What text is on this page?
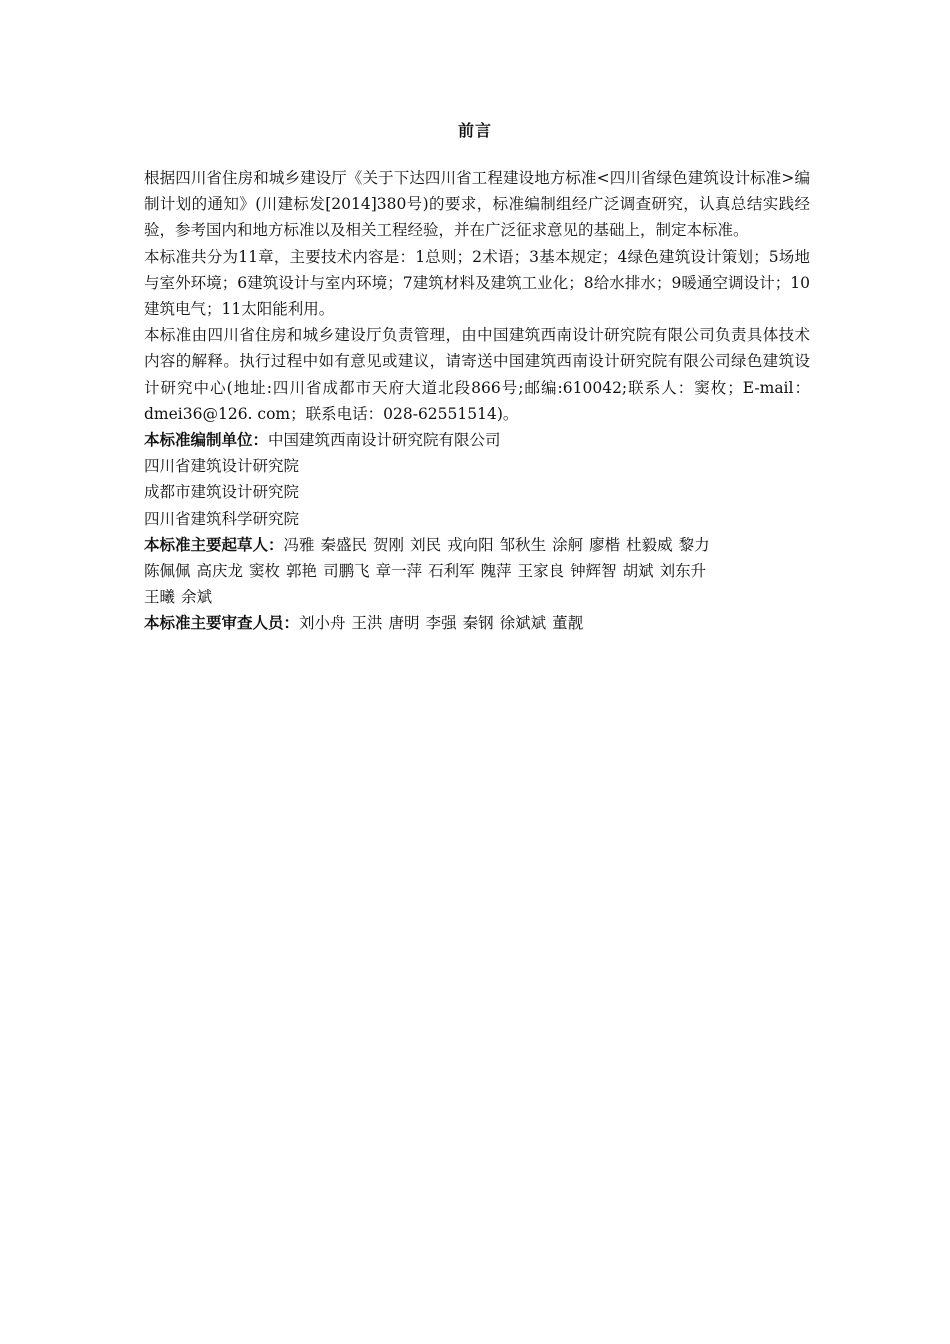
前言

根据四川省住房和城乡建设厅《关于下达四川省工程建设地方标准<四川省绿色建筑设计标准>编制计划的通知》(川建标发[2014]380号)的要求，标准编制组经广泛调查研究，认真总结实践经验，参考国内和地方标准以及相关工程经验，并在广泛征求意见的基础上，制定本标准。

本标准共分为11章，主要技术内容是：1总则；2术语；3基本规定；4绿色建筑设计策划；5场地与室外环境；6建筑设计与室内环境；7建筑材料及建筑工业化；8给水排水；9暖通空调设计；10建筑电气；11太阳能利用。

本标准由四川省住房和城乡建设厅负责管理，由中国建筑西南设计研究院有限公司负责具体技术内容的解释。执行过程中如有意见或建议，请寄送中国建筑西南设计研究院有限公司绿色建筑设计研究中心(地址:四川省成都市天府大道北段866号;邮编:610042;联系人：窦枚；E-mail：dmei36@126. com；联系电话：028-62551514)。

本标准编制单位：中国建筑西南设计研究院有限公司
四川省建筑设计研究院
成都市建筑设计研究院
四川省建筑科学研究院
本标准主要起草人：冯雅 秦盛民 贺刚 刘民 戎向阳 邹秋生 涂舸 廖楷 杜毅威 黎力
陈佩佩 高庆龙 窦枚 郭艳 司鹏飞 章一萍 石利军 隗萍 王家良 钟辉智 胡斌 刘东升
王曦 余斌
本标准主要审查人员：刘小舟 王洪 唐明 李强 秦钢 徐斌斌 董靓
